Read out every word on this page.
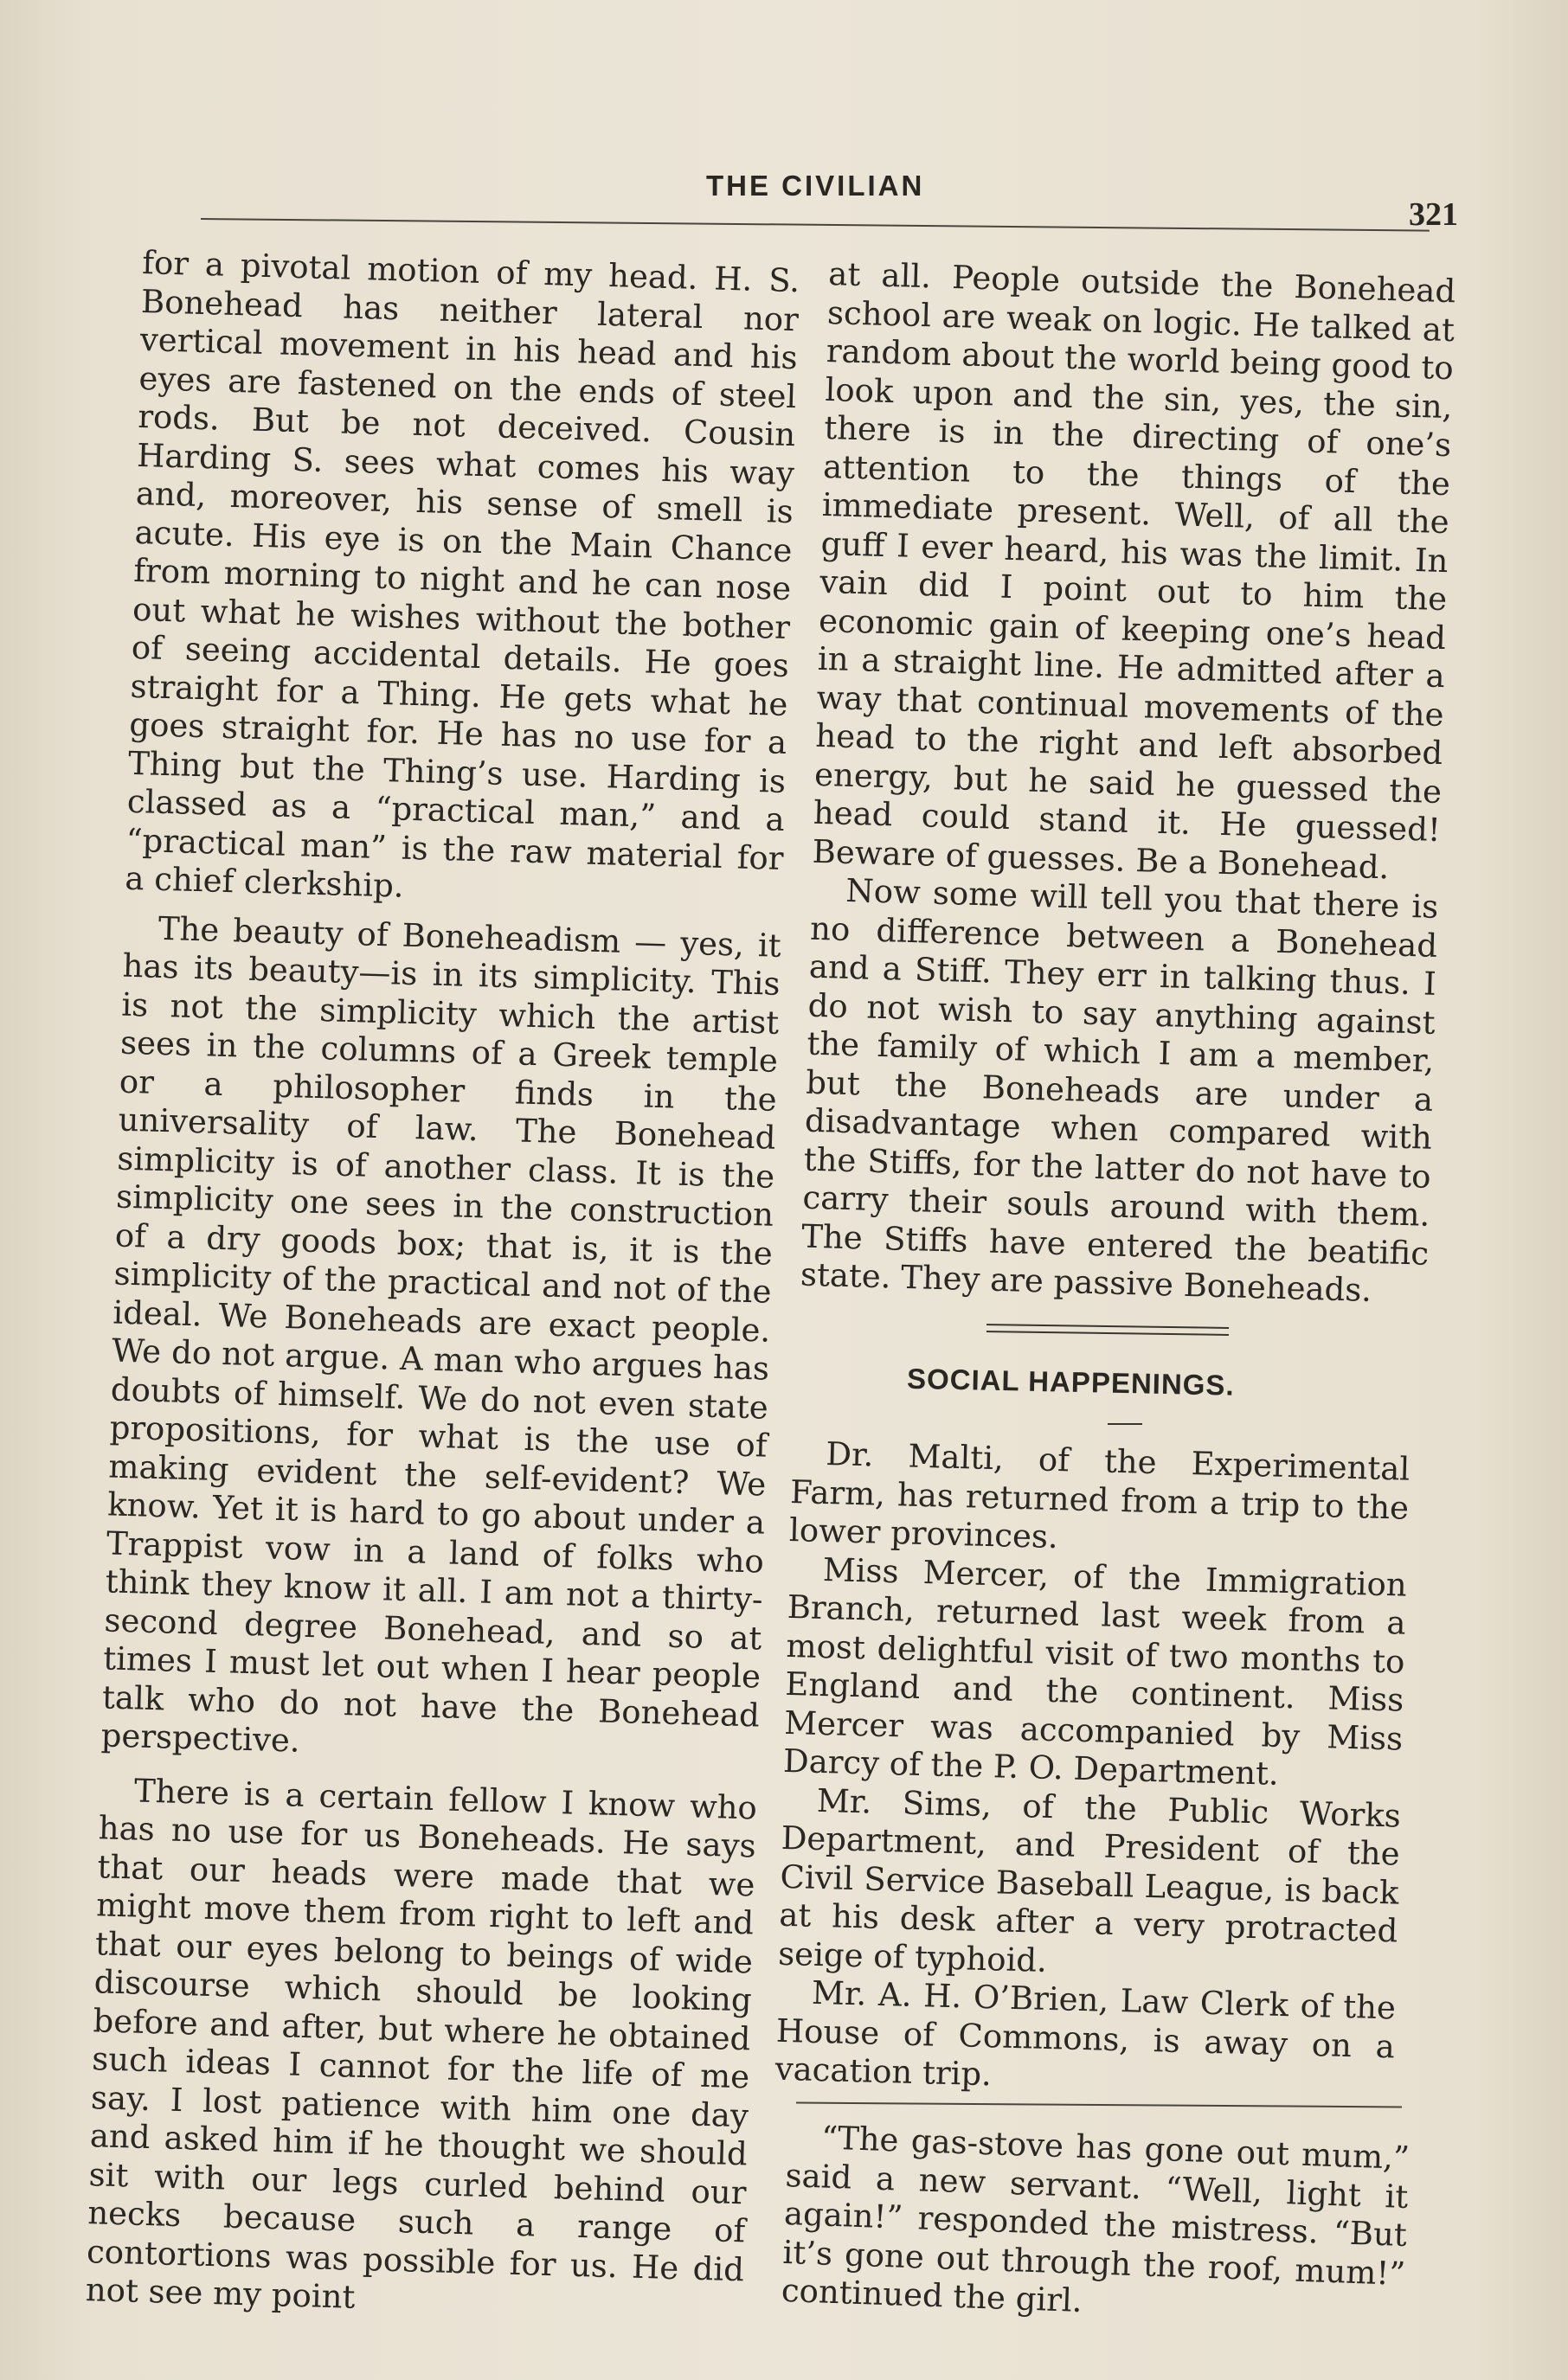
THE CIVILIAN
321

for a pivotal motion of my head. H. S. Bonehead has neither lateral nor vertical movement in his head and his eyes are fastened on the ends of steel rods. But be not deceived. Cousin Harding S. sees what comes his way and, moreover, his sense of smell is acute. His eye is on the Main Chance from morning to night and he can nose out what he wishes without the bother of seeing accidental details. He goes straight for a Thing. He gets what he goes straight for. He has no use for a Thing but the Thing’s use. Harding is classed as a “practical man,” and a “practical man” is the raw material for a chief clerkship.

The beauty of Boneheadism — yes, it has its beauty—is in its simplicity. This is not the simplicity which the artist sees in the columns of a Greek temple or a philosopher finds in the universality of law. The Bonehead simplicity is of another class. It is the simplicity one sees in the construction of a dry goods box; that is, it is the simplicity of the practical and not of the ideal. We Boneheads are exact people. We do not argue. A man who argues has doubts of himself. We do not even state propositions, for what is the use of making evident the self-evident? We know. Yet it is hard to go about under a Trappist vow in a land of folks who think they know it all. I am not a thirty-second degree Bonehead, and so at times I must let out when I hear people talk who do not have the Bonehead perspective.

There is a certain fellow I know who has no use for us Boneheads. He says that our heads were made that we might move them from right to left and that our eyes belong to beings of wide discourse which should be looking before and after, but where he obtained such ideas I cannot for the life of me say. I lost patience with him one day and asked him if he thought we should sit with our legs curled behind our necks because such a range of contortions was possible for us. He did not see my point

at all. People outside the Bonehead school are weak on logic. He talked at random about the world being good to look upon and the sin, yes, the sin, there is in the directing of one’s attention to the things of the immediate present. Well, of all the guff I ever heard, his was the limit. In vain did I point out to him the economic gain of keeping one’s head in a straight line. He admitted after a way that continual movements of the head to the right and left absorbed energy, but he said he guessed the head could stand it. He guessed! Beware of guesses. Be a Bonehead.

Now some will tell you that there is no difference between a Bonehead and a Stiff. They err in talking thus. I do not wish to say anything against the family of which I am a member, but the Boneheads are under a disadvantage when compared with the Stiffs, for the latter do not have to carry their souls around with them. The Stiffs have entered the beatific state. They are passive Boneheads.

SOCIAL HAPPENINGS.

Dr. Malti, of the Experimental Farm, has returned from a trip to the lower provinces.

Miss Mercer, of the Immigration Branch, returned last week from a most delightful visit of two months to England and the continent. Miss Mercer was accompanied by Miss Darcy of the P. O. Department.

Mr. Sims, of the Public Works Department, and President of the Civil Service Baseball League, is back at his desk after a very protracted seige of typhoid.

Mr. A. H. O’Brien, Law Clerk of the House of Commons, is away on a vacation trip.

“The gas-stove has gone out mum,” said a new servant. “Well, light it again!” responded the mistress. “But it’s gone out through the roof, mum!” continued the girl.
